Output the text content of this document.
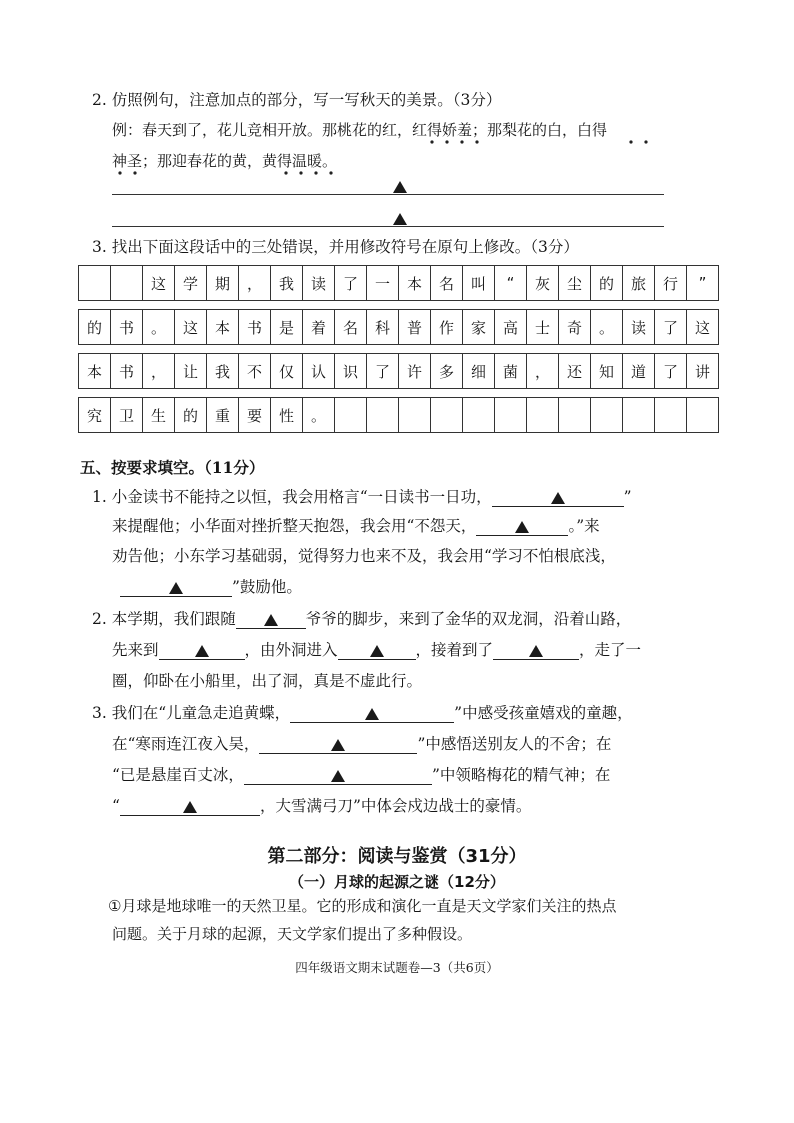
2. 仿照例句，注意加点的部分，写一写秋天的美景。（3分）
例：春天到了，花儿竞相开放。那桃花的红，红得娇羞；那梨花的白，白得
神圣；那迎春花的黄，黄得温暖。
3. 找出下面这段话中的三处错误，并用修改符号在原句上修改。（3分）
		这	学	期	，	我	读	了	一	本	名	叫	“	灰	尘	的	旅	行	”

的	书	。	这	本	书	是	着	名	科	普	作	家	高	士	奇	。	读	了	这

本	书	，	让	我	不	仅	认	识	了	许	多	细	菌	，	还	知	道	了	讲

究	卫	生	的	重	要	性	。												
五、按要求填空。（11分）
1. 小金读书不能持之以恒，我会用格言“一日读书一日功，	”
来提醒他；小华面对挫折整天抱怨，我会用“不怨天，	。”来
劝告他；小东学习基础弱，觉得努力也来不及，我会用“学习不怕根底浅，
”鼓励他。
2. 本学期，我们跟随	爷爷的脚步，来到了金华的双龙洞，沿着山路，
先来到	，由外洞进入	，接着到了	，走了一
圈，仰卧在小船里，出了洞，真是不虚此行。
3. 我们在“儿童急走追黄蝶，	”中感受孩童嬉戏的童趣，
在“寒雨连江夜入吴，	”中感悟送别友人的不舍；在
“已是悬崖百丈冰，	”中领略梅花的精气神；在
“	，大雪满弓刀”中体会戍边战士的豪情。
第二部分：阅读与鉴赏（31分）
（一）月球的起源之谜（12分）
①月球是地球唯一的天然卫星。它的形成和演化一直是天文学家们关注的热点
问题。关于月球的起源，天文学家们提出了多种假设。
四年级语文期末试题卷—3（共6页）
